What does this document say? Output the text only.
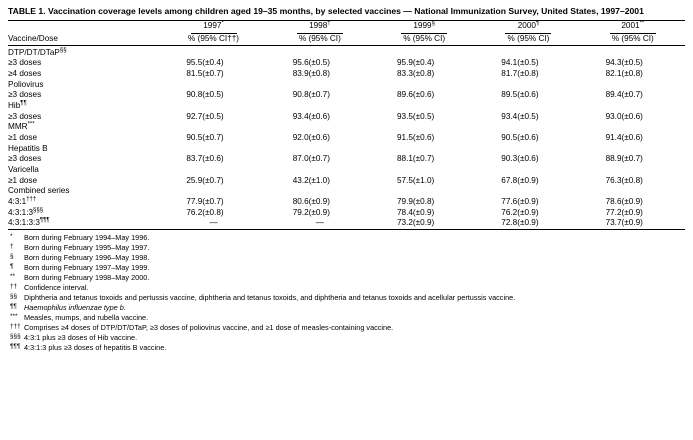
TABLE 1. Vaccination coverage levels among children aged 19–35 months, by selected vaccines — National Immunization Survey, United States, 1997–2001
	1997*		1998†		1999§		2000¶		2001**
Vaccine/Dose	% (95% CI††)		% (95% CI)		% (95% CI)		% (95% CI)		% (95% CI)	

DTP/DT/DTaP§§	
≥3 doses	95.5	(±0.4)	95.6	(±0.5)	95.9	(±0.4)	94.1	(±0.5)	94.3	(±0.5)
≥4 doses	81.5	(±0.7)	83.9	(±0.8)	83.3	(±0.8)	81.7	(±0.8)	82.1	(±0.8)
Poliovirus										
≥3 doses	90.8	(±0.5)	90.8	(±0.7)	89.6	(±0.6)	89.5	(±0.6)	89.4	(±0.7)
Hib¶¶	
≥3 doses	92.7	(±0.5)	93.4	(±0.6)	93.5	(±0.5)	93.4	(±0.5)	93.0	(±0.6)
MMR***	
≥1 dose	90.5	(±0.7)	92.0	(±0.6)	91.5	(±0.6)	90.5	(±0.6)	91.4	(±0.6)
Hepatitis B										
≥3 doses	83.7	(±0.6)	87.0	(±0.7)	88.1	(±0.7)	90.3	(±0.6)	88.9	(±0.7)
Varicella										
≥1 dose	25.9	(±0.7)	43.2	(±1.0)	57.5	(±1.0)	67.8	(±0.9)	76.3	(±0.8)
Combined series										
4:3:1†††	77.9	(±0.7)	80.6	(±0.9)	79.9	(±0.8)	77.6	(±0.9)	78.6	(±0.9)
4:3:1:3§§§	76.2	(±0.8)	79.2	(±0.9)	78.4	(±0.9)	76.2	(±0.9)	77.2	(±0.9)
4:3:1:3:3¶¶¶	—		—		73.2	(±0.9)	72.8	(±0.9)	73.7	(±0.9)
*	Born during February 1994–May 1996.
†	Born during February 1995–May 1997.
§	Born during February 1996–May 1998.
¶	Born during February 1997–May 1999.
**	Born during February 1998–May 2000.
†† Confidence interval.
§§ Diphtheria and tetanus toxoids and pertussis vaccine, diphtheria and tetanus toxoids, and diphtheria and tetanus toxoids and acellular pertussis vaccine.
¶¶ Haemophilus influenzae type b.
*** Measles, mumps, and rubella vaccine.
††† Comprises ≥4 doses of DTP/DT/DTaP, ≥3 doses of poliovirus vaccine, and ≥1 dose of measles-containing vaccine.
§§§ 4:3:1 plus ≥3 doses of Hib vaccine.
¶¶¶ 4:3:1:3 plus ≥3 doses of hepatitis B vaccine.
